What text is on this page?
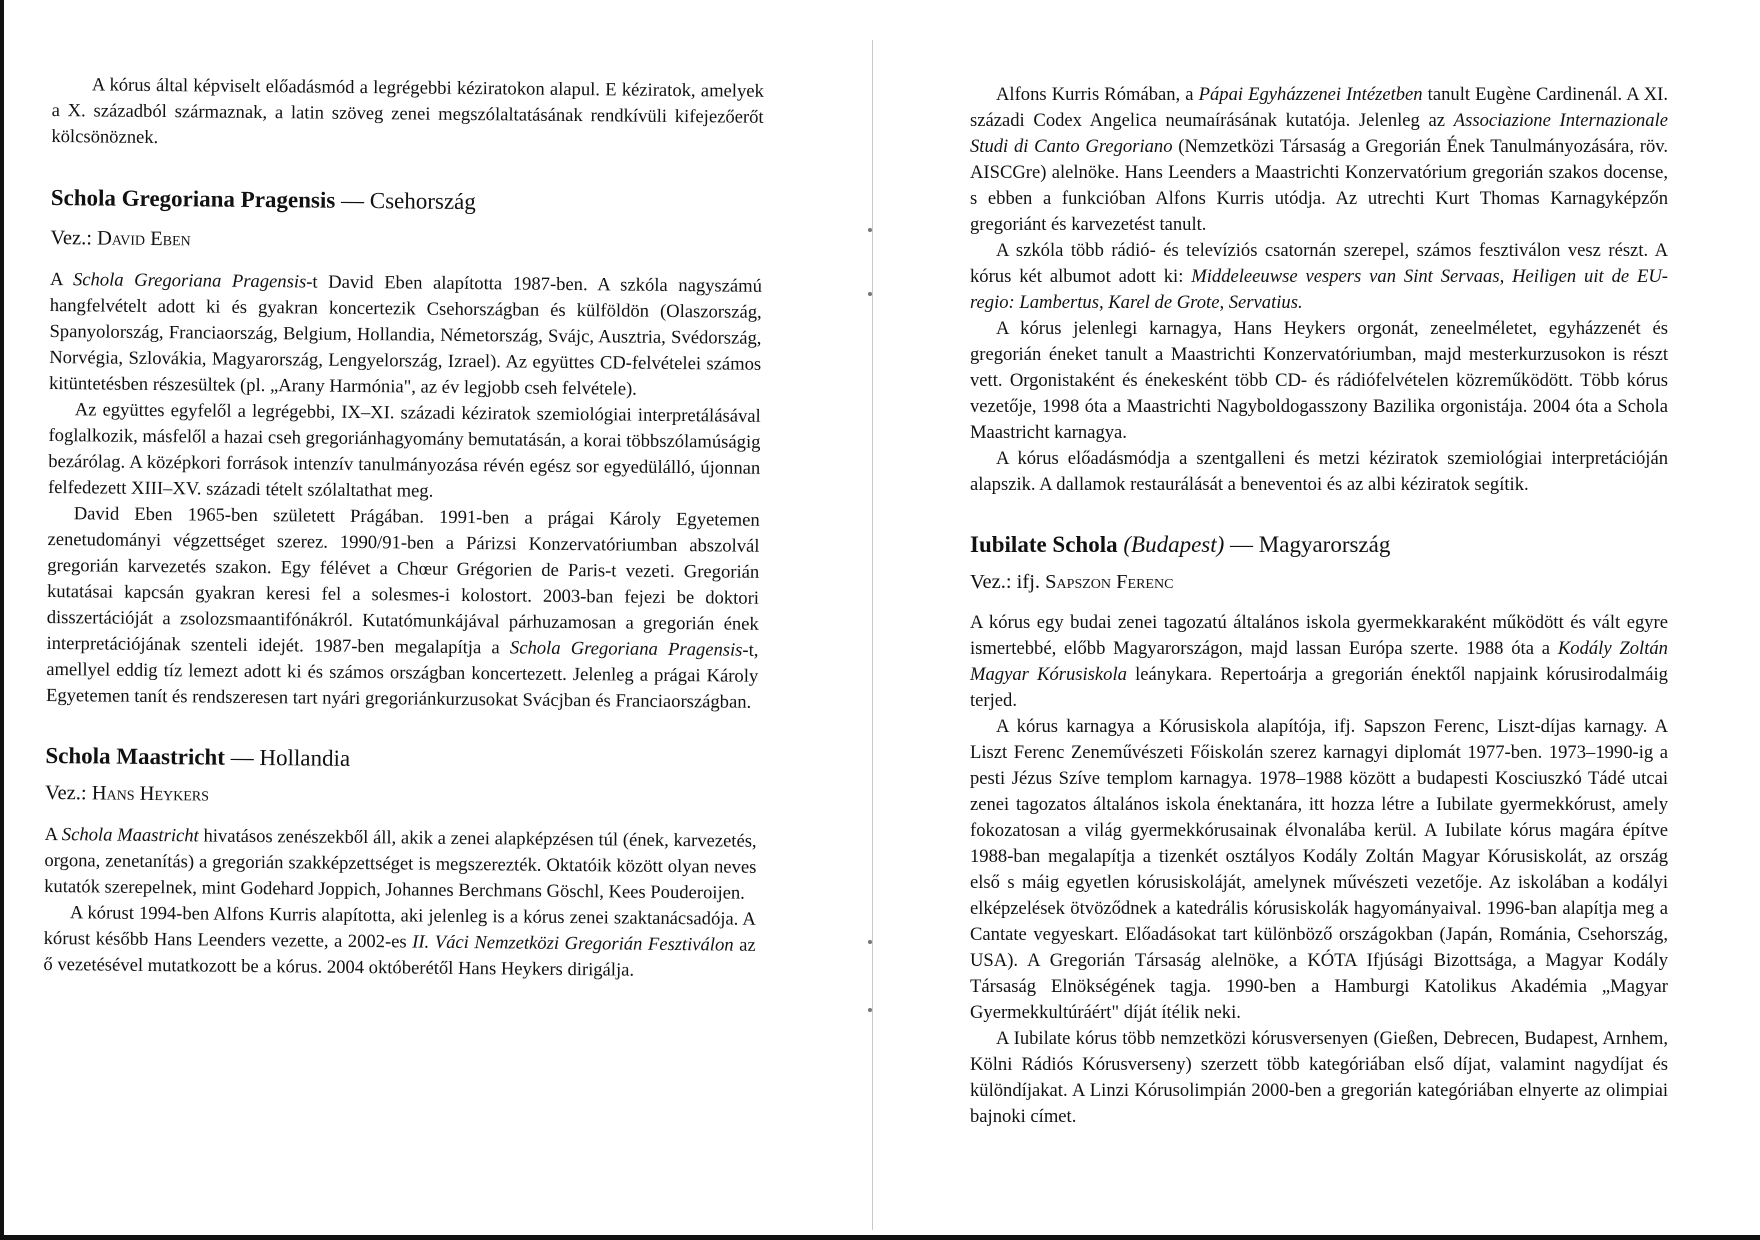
A kórus által képviselt előadásmód a legrégebbi kéziratokon alapul. E kéziratok, amelyek a X. századból származnak, a latin szöveg zenei megszólaltatásának rendkívüli kifejezőerőt kölcsönöznek.

Schola Gregoriana Pragensis — Csehország

Vez.: David Eben

A Schola Gregoriana Pragensis-t David Eben alapította 1987-ben. A szkóla nagyszámú hangfelvételt adott ki és gyakran koncertezik Csehországban és külföldön (Olaszország, Spanyolország, Franciaország, Belgium, Hollandia, Németország, Svájc, Ausztria, Svédország, Norvégia, Szlovákia, Magyarország, Lengyelország, Izrael). Az együttes CD-felvételei számos kitüntetésben részesültek (pl. „Arany Harmónia", az év legjobb cseh felvétele).

Az együttes egyfelől a legrégebbi, IX–XI. századi kéziratok szemiológiai interpretálásával foglalkozik, másfelől a hazai cseh gregoriánhagyomány bemutatásán, a korai többszólamúságig bezárólag. A középkori források intenzív tanulmányozása révén egész sor egyedülálló, újonnan felfedezett XIII–XV. századi tételt szólaltathat meg.

David Eben 1965-ben született Prágában. 1991-ben a prágai Károly Egyetemen zenetudományi végzettséget szerez. 1990/91-ben a Párizsi Konzervatóriumban abszolvál gregorián karvezetés szakon. Egy félévet a Chœur Grégorien de Paris-t vezeti. Gregorián kutatásai kapcsán gyakran keresi fel a solesmes-i kolostort. 2003-ban fejezi be doktori disszertációját a zsolozsmaantifónákról. Kutatómunkájával párhuzamosan a gregorián ének interpretációjának szenteli idejét. 1987-ben megalapítja a Schola Gregoriana Pragensis-t, amellyel eddig tíz lemezt adott ki és számos országban koncertezett. Jelenleg a prágai Károly Egyetemen tanít és rendszeresen tart nyári gregoriánkurzusokat Svácjban és Franciaországban.

Schola Maastricht — Hollandia

Vez.: Hans Heykers

A Schola Maastricht hivatásos zenészekből áll, akik a zenei alapképzésen túl (ének, karvezetés, orgona, zenetanítás) a gregorián szakképzettséget is megszerezték. Oktatóik között olyan neves kutatók szerepelnek, mint Godehard Joppich, Johannes Berchmans Göschl, Kees Pouderoijen.

A kórust 1994-ben Alfons Kurris alapította, aki jelenleg is a kórus zenei szaktanácsadója. A kórust később Hans Leenders vezette, a 2002-es II. Váci Nemzetközi Gregorián Fesztiválon az ő vezetésével mutatkozott be a kórus. 2004 októberétől Hans Heykers dirigálja.

Alfons Kurris Rómában, a Pápai Egyházzenei Intézetben tanult Eugène Cardinenál. A XI. századi Codex Angelica neumaírásának kutatója. Jelenleg az Associazione Internazionale Studi di Canto Gregoriano (Nemzetközi Társaság a Gregorián Ének Tanulmányozására, röv. AISCGre) alelnöke. Hans Leenders a Maastrichti Konzervatórium gregorián szakos docense, s ebben a funkcióban Alfons Kurris utódja. Az utrechti Kurt Thomas Karnagyképzőn gregoriánt és karvezetést tanult.

A szkóla több rádió- és televíziós csatornán szerepel, számos fesztiválon vesz részt. A kórus két albumot adott ki: Middeleeuwse vespers van Sint Servaas, Heiligen uit de EU-regio: Lambertus, Karel de Grote, Servatius.

A kórus jelenlegi karnagya, Hans Heykers orgonát, zeneelméletet, egyházzenét és gregorián éneket tanult a Maastrichti Konzervatóriumban, majd mesterkurzusokon is részt vett. Orgonistaként és énekesként több CD- és rádiófelvételen közreműködött. Több kórus vezetője, 1998 óta a Maastrichti Nagyboldogasszony Bazilika orgonistája. 2004 óta a Schola Maastricht karnagya.

A kórus előadásmódja a szentgalleni és metzi kéziratok szemiológiai interpretációján alapszik. A dallamok restaurálását a beneventoi és az albi kéziratok segítik.

Iubilate Schola (Budapest) — Magyarország

Vez.: ifj. Sapszon Ferenc

A kórus egy budai zenei tagozatú általános iskola gyermekkaraként működött és vált egyre ismertebbé, előbb Magyarországon, majd lassan Európa szerte. 1988 óta a Kodály Zoltán Magyar Kórusiskola leánykara. Repertoárja a gregorián énektől napjaink kórusirodalmáig terjed.

A kórus karnagya a Kórusiskola alapítója, ifj. Sapszon Ferenc, Liszt-díjas karnagy. A Liszt Ferenc Zeneművészeti Főiskolán szerez karnagyi diplomát 1977-ben. 1973–1990-ig a pesti Jézus Szíve templom karnagya. 1978–1988 között a budapesti Kosciuszkó Tádé utcai zenei tagozatos általános iskola énektanára, itt hozza létre a Iubilate gyermekkórust, amely fokozatosan a világ gyermekkórusainak élvonalába kerül. A Iubilate kórus magára építve 1988-ban megalapítja a tizenkét osztályos Kodály Zoltán Magyar Kórusiskolát, az ország első s máig egyetlen kórusiskoláját, amelynek művészeti vezetője. Az iskolában a kodályi elképzelések ötvöződnek a katedrális kórusiskolák hagyományaival. 1996-ban alapítja meg a Cantate vegyeskart. Előadásokat tart különböző országokban (Japán, Románia, Csehország, USA). A Gregorián Társaság alelnöke, a KÓTA Ifjúsági Bizottsága, a Magyar Kodály Társaság Elnökségének tagja. 1990-ben a Hamburgi Katolikus Akadémia „Magyar Gyermekkultúráért" díját ítélik neki.

A Iubilate kórus több nemzetközi kórusversenyen (Gießen, Debrecen, Budapest, Arnhem, Kölni Rádiós Kórusverseny) szerzett több kategóriában első díjat, valamint nagydíjat és különdíjakat. A Linzi Kórusolimpián 2000-ben a gregorián kategóriában elnyerte az olimpiai bajnoki címet.
